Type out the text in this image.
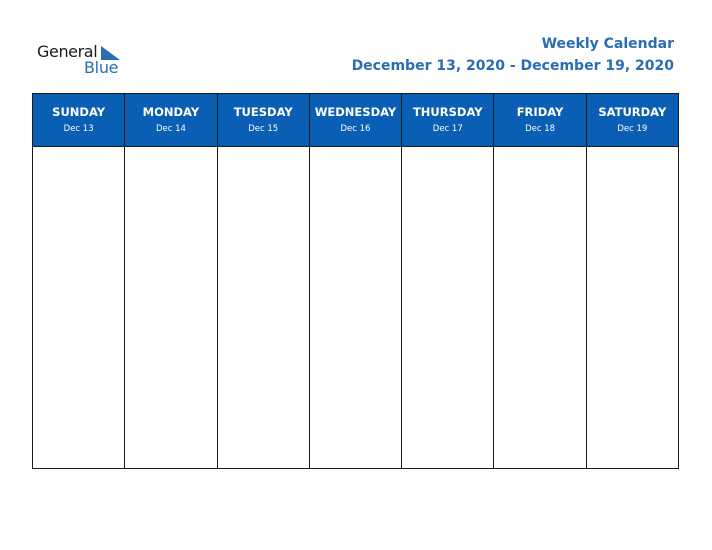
General
Blue
Weekly Calendar
December 13, 2020 - December 19, 2020
SUNDAY
Dec 13
MONDAY
Dec 14
TUESDAY
Dec 15
WEDNESDAY
Dec 16
THURSDAY
Dec 17
FRIDAY
Dec 18
SATURDAY
Dec 19
